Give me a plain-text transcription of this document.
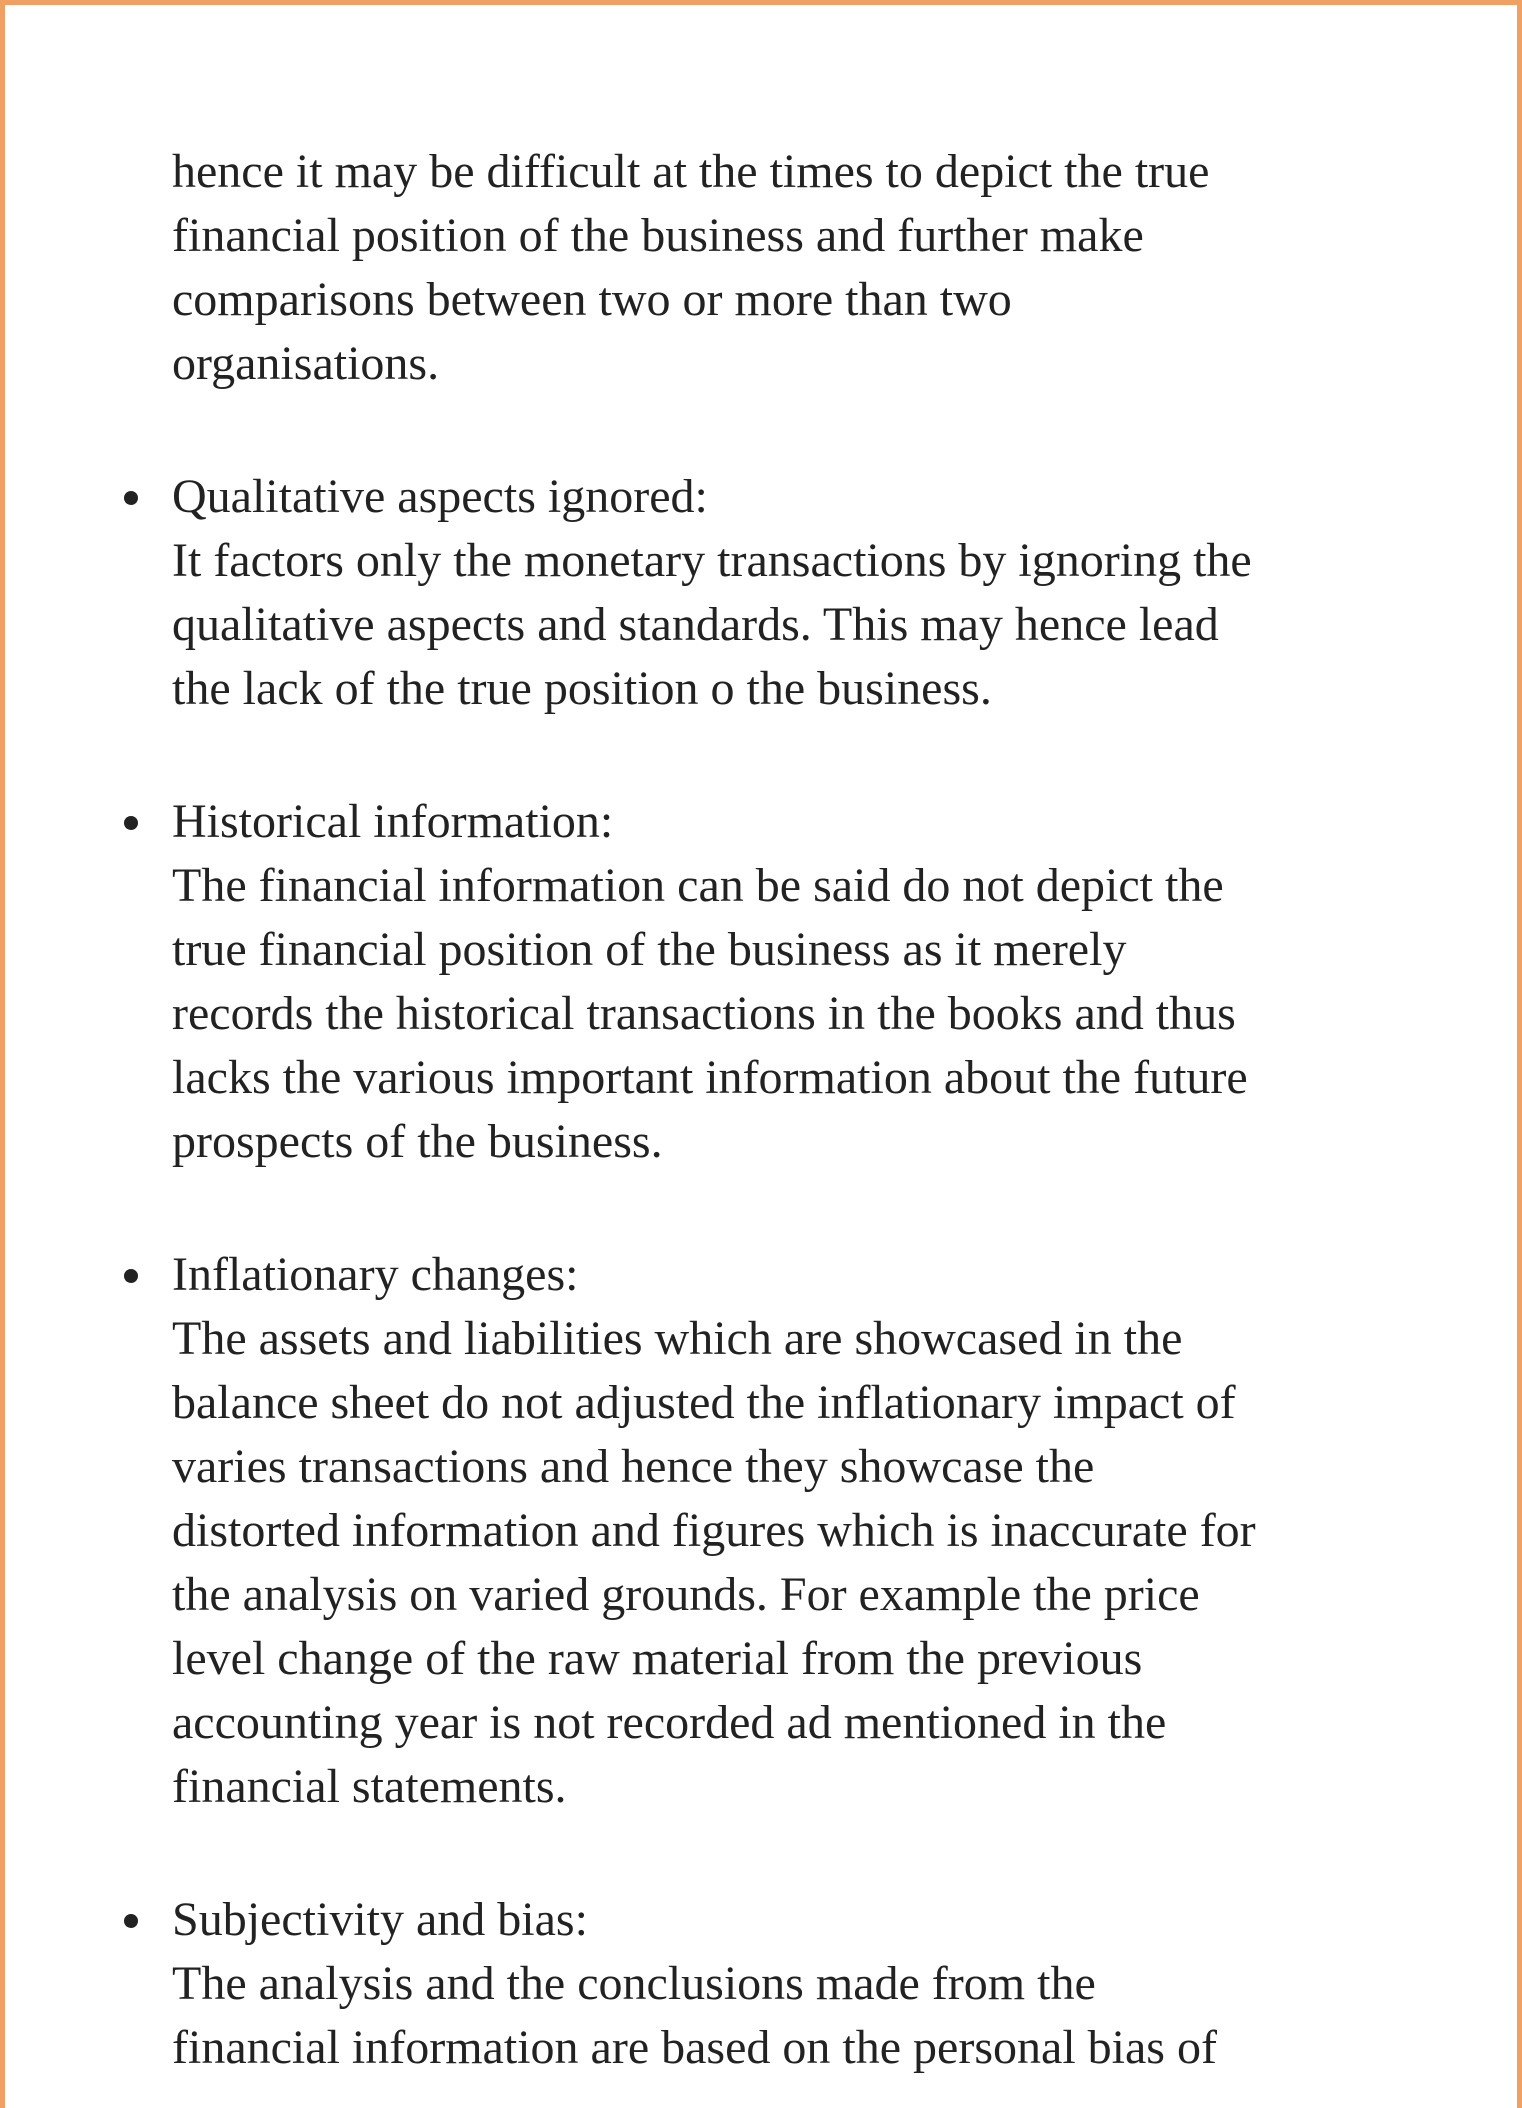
hence it may be difficult at the times to depict the true
financial position of the business and further make
comparisons between two or more than two
organisations.
Qualitative aspects ignored:
It factors only the monetary transactions by ignoring the
qualitative aspects and standards. This may hence lead
the lack of the true position o the business.
Historical information:
The financial information can be said do not depict the
true financial position of the business as it merely
records the historical transactions in the books and thus
lacks the various important information about the future
prospects of the business.
Inflationary changes:
The assets and liabilities which are showcased in the
balance sheet do not adjusted the inflationary impact of
varies transactions and hence they showcase the
distorted information and figures which is inaccurate for
the analysis on varied grounds. For example the price
level change of the raw material from the previous
accounting year is not recorded ad mentioned in the
financial statements.
Subjectivity and bias:
The analysis and the conclusions made from the
financial information are based on the personal bias of
